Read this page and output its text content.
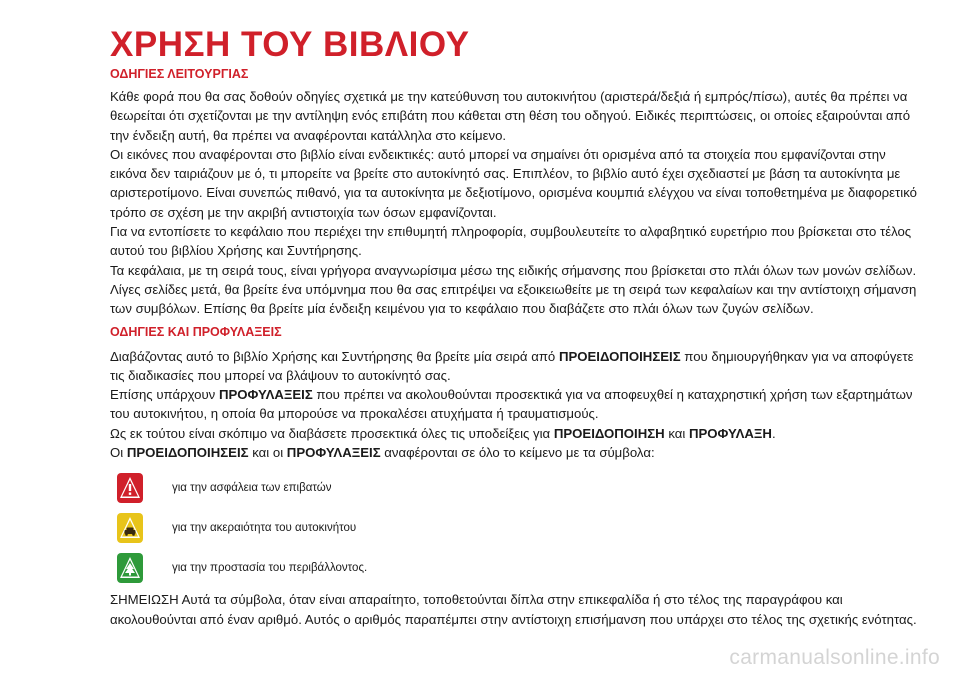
ΧΡΗΣΗ ΤΟΥ ΒΙΒΛΙΟΥ
ΟΔΗΓΙΕΣ ΛΕΙΤΟΥΡΓΙΑΣ

Κάθε φορά που θα σας δοθούν οδηγίες σχετικά με την κατεύθυνση του αυτοκινήτου (αριστερά/δεξιά ή εμπρός/πίσω), αυτές θα πρέπει να θεωρείται ότι σχετίζονται με την αντίληψη ενός επιβάτη που κάθεται στη θέση του οδηγού. Ειδικές περιπτώσεις, οι οποίες εξαιρούνται από την ένδειξη αυτή, θα πρέπει να αναφέρονται κατάλληλα στο κείμενο.

Οι εικόνες που αναφέρονται στο βιβλίο είναι ενδεικτικές: αυτό μπορεί να σημαίνει ότι ορισμένα από τα στοιχεία που εμφανίζονται στην εικόνα δεν ταιριάζουν με ό, τι μπορείτε να βρείτε στο αυτοκίνητό σας. Επιπλέον, το βιβλίο αυτό έχει σχεδιαστεί με βάση τα αυτοκίνητα με αριστεροτίμονο. Είναι συνεπώς πιθανό, για τα αυτοκίνητα με δεξιοτίμονο, ορισμένα κουμπιά ελέγχου να είναι τοποθετημένα με διαφορετικό τρόπο σε σχέση με την ακριβή αντιστοιχία των όσων εμφανίζονται.

Για να εντοπίσετε το κεφάλαιο που περιέχει την επιθυμητή πληροφορία, συμβουλευτείτε το αλφαβητικό ευρετήριο που βρίσκεται στο τέλος αυτού του βιβλίου Χρήσης και Συντήρησης.

Τα κεφάλαια, με τη σειρά τους, είναι γρήγορα αναγνωρίσιμα μέσω της ειδικής σήμανσης που βρίσκεται στο πλάι όλων των μονών σελίδων. Λίγες σελίδες μετά, θα βρείτε ένα υπόμνημα που θα σας επιτρέψει να εξοικειωθείτε με τη σειρά των κεφαλαίων και την αντίστοιχη σήμανση των συμβόλων. Επίσης θα βρείτε μία ένδειξη κειμένου για το κεφάλαιο που διαβάζετε στο πλάι όλων των ζυγών σελίδων.

ΟΔΗΓΙΕΣ ΚΑΙ ΠΡΟΦΥΛΑΞΕΙΣ

Διαβάζοντας αυτό το βιβλίο Χρήσης και Συντήρησης θα βρείτε μία σειρά από ΠΡΟΕΙΔΟΠΟΙΗΣΕΙΣ που δημιουργήθηκαν για να αποφύγετε τις διαδικασίες που μπορεί να βλάψουν το αυτοκίνητό σας.

Επίσης υπάρχουν ΠΡΟΦΥΛΑΞΕΙΣ που πρέπει να ακολουθούνται προσεκτικά για να αποφευχθεί η καταχρηστική χρήση των εξαρτημάτων του αυτοκινήτου, η οποία θα μπορούσε να προκαλέσει ατυχήματα ή τραυματισμούς.

Ως εκ τούτου είναι σκόπιμο να διαβάσετε προσεκτικά όλες τις υποδείξεις για ΠΡΟΕΙΔΟΠΟΙΗΣΗ και ΠΡΟΦΥΛΑΞΗ.

Οι ΠΡΟΕΙΔΟΠΟΙΗΣΕΙΣ και οι ΠΡΟΦΥΛΑΞΕΙΣ αναφέρονται σε όλο το κείμενο με τα σύμβολα:

για την ασφάλεια των επιβατών
για την ακεραιότητα του αυτοκινήτου
για την προστασία του περιβάλλοντος.

ΣΗΜΕΙΩΣΗ Αυτά τα σύμβολα, όταν είναι απαραίτητο, τοποθετούνται δίπλα στην επικεφαλίδα ή στο τέλος της παραγράφου και ακολουθούνται από έναν αριθμό. Αυτός ο αριθμός παραπέμπει στην αντίστοιχη επισήμανση που υπάρχει στο τέλος της σχετικής ενότητας.

carmanualsonline.info
